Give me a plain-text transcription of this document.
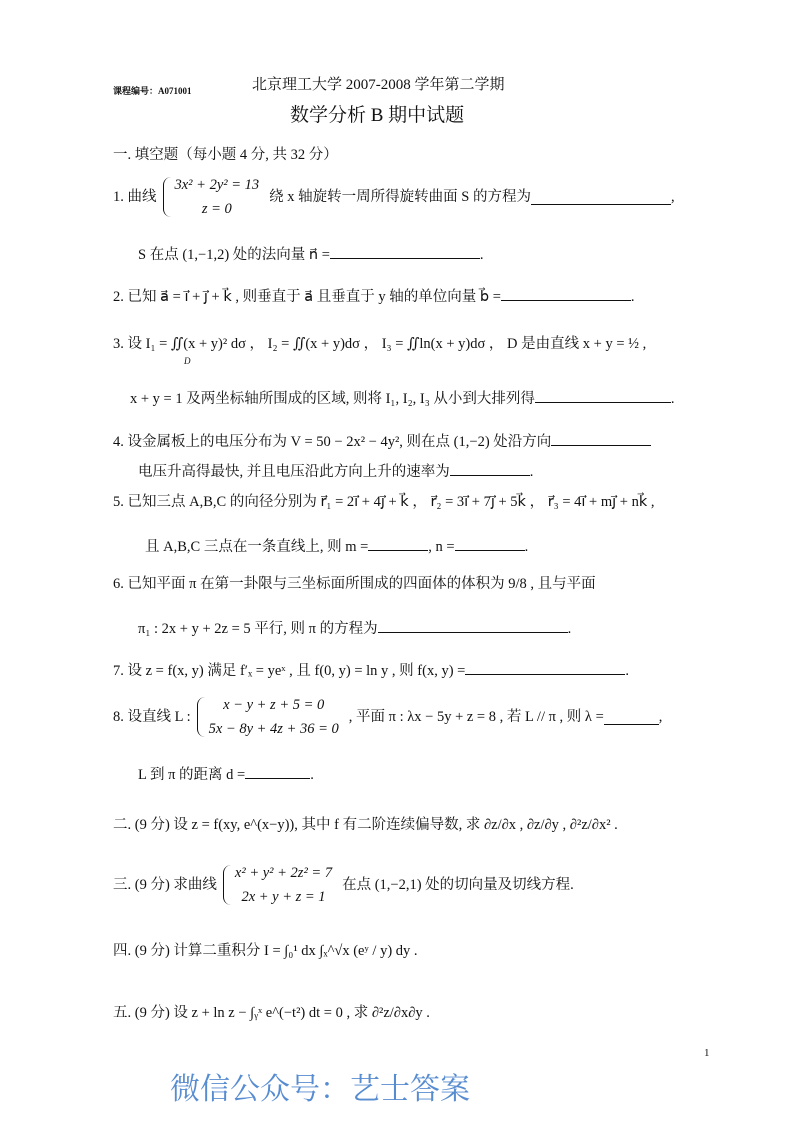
课程编号：A071001	北京理工大学 2007-2008 学年第二学期
数学分析 B 期中试题
一. 填空题（每小题 4 分, 共 32 分）
1. 曲线
3x² + 2y² = 13
z = 0
绕 x 轴旋转一周所得旋转曲面 S 的方程为	,
S 在点 (1,−1,2) 处的法向量 n⃗ =	.
2. 已知 a⃗ = i⃗ + j⃗ + k⃗ , 则垂直于 a⃗ 且垂直于 y 轴的单位向量 b⃗ =	.
3. 设 I₁ = ∬(x + y)² dσ ， I₂ = ∬(x + y)dσ ， I₃ = ∬ln(x + y)dσ ， D 是由直线 x + y = ½ ,
D
x + y = 1 及两坐标轴所围成的区域, 则将 I₁, I₂, I₃ 从小到大排列得	.
4. 设金属板上的电压分布为 V = 50 − 2x² − 4y², 则在点 (1,−2) 处沿方向
电压升高得最快, 并且电压沿此方向上升的速率为	.
5. 已知三点 A,B,C 的向径分别为 r⃗₁ = 2i⃗ + 4j⃗ + k⃗ ， r⃗₂ = 3i⃗ + 7j⃗ + 5k⃗ ， r⃗₃ = 4i⃗ + mj⃗ + nk⃗ ,
且 A,B,C 三点在一条直线上, 则 m =	, n =	.
6. 已知平面 π 在第一卦限与三坐标面所围成的四面体的体积为 9/8 , 且与平面
π₁ : 2x + y + 2z = 5 平行, 则 π 的方程为	.
7. 设 z = f(x, y) 满足 f′ₓ = yeˣ , 且 f(0, y) = ln y , 则 f(x, y) =	.
8. 设直线 L :
x − y + z + 5 = 0
5x − 8y + 4z + 36 = 0
, 平面 π : λx − 5y + z = 8 , 若 L // π , 则 λ =	,
L 到 π 的距离 d =	.
二. (9 分) 设 z = f(xy, e^(x−y)), 其中 f 有二阶连续偏导数, 求 ∂z/∂x , ∂z/∂y , ∂²z/∂x² .
三. (9 分) 求曲线
x² + y² + 2z² = 7
2x + y + z = 1
在点 (1,−2,1) 处的切向量及切线方程.
四. (9 分) 计算二重积分 I = ∫₀¹ dx ∫ₓ^√x (eʸ / y) dy .
五. (9 分) 设 z + ln z − ∫ᵧˣ e^(−t²) dt = 0 , 求 ∂²z/∂x∂y .
1
微信公众号：艺士答案
